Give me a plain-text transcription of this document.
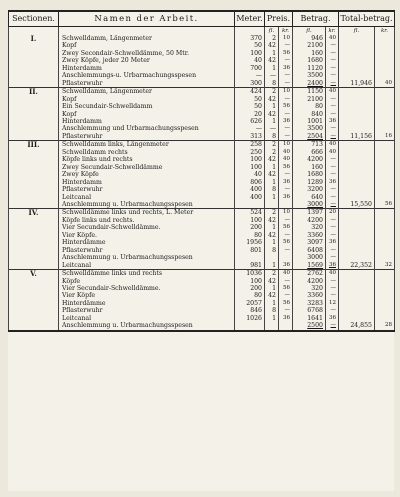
Sectionen.	Namen der Arbeit.	Meter.	Preis.		Betrag.		Total-betrag.	
			fl.	kr.	fl.	kr.	fl.	kr.
I.	Schwelldamm, Längenmeter	370	2	10	946	40		
	Kopf	50	42	—	2100	—		
	Zwey Secondair-Schwelldämme, 50 Mtr.	100	1	56	160	—		
	Zwey Köpfe, jeder 20 Meter	40	42	—	1680	—		
	Hinterdamm	700	1	36	1120	—		
	Anschlemmungs-u. Urbarmachungsspesen	—	—	—	3500	—		
	Pflasterwuhr	300	8	—	2400	—	11,946	40
II.	Schwelldamm, Längenmeter	424	2	10	1150	40		
	Kopf	50	42	—	2100	—		
	Ein Secundair-Schwelldamm	50	1	56	80	—		
	Kopf	20	42	—	840	—		
	Hinterdamm	626	1	36	1001	36		
	Anschlemmung und Urbarmachungsspesen	—	—	—	3500	—		
	Pflasterwuhr	313	8	—	2504	—	11,156	16
III.	Schwelldamm links, Längenmeter	258	2	10	713	40		
	Schwelldamm rechts	250	2	40	666	40		
	Köpfe links und rechts	100	42	40	4200	—		
	Zwey Secundair-Schwelldämme	100	1	56	160	—		
	Zwey Köpfe	40	42	—	1680	—		
	Hinterdamm	806	1	36	1289	36		
	Pflasterwuhr	400	8	—	3200	—		
	Leitcanal	400	1	36	640	—		
	Anschlemmung u. Urbarmachungsspesen				3000	—	15,550	56
IV.	Schwelldämme links und rechts, L. Meter	524	2	10	1397	20		
	Köpfe links und rechts.	100	42	—	4200	—		
	Vier Secundair-Schwelldämme.	200	1	56	320	—		
	Vier Köpfe.	80	42	—	3360	—		
	Hinterdämme	1956	1	56	3097	36		
	Pflasterwuhr	801	8	—	6408	—		
	Anschlemmung u. Urbarmachungsspesen				3000	—		
	Leitcanal	981	1	36	1569	36	22,352	32
V.	Schwelldämme links und rechts	1036	2	40	2762	40		
	Köpfe	100	42	—	4200	—		
	Vier Secundair-Schwelldämme.	200	1	56	320	—		
	Vier Köpfe	80	42	—	3360	—		
	Hinterdämme	2057	1	56	3283	12		
	Pflasterwuhr	846	8	—	6768	—		
	Leitcanal	1026	1	36	1641	36		
	Anschlemmung u. Urbarmachungsspesen				2500	—	24,855	28
